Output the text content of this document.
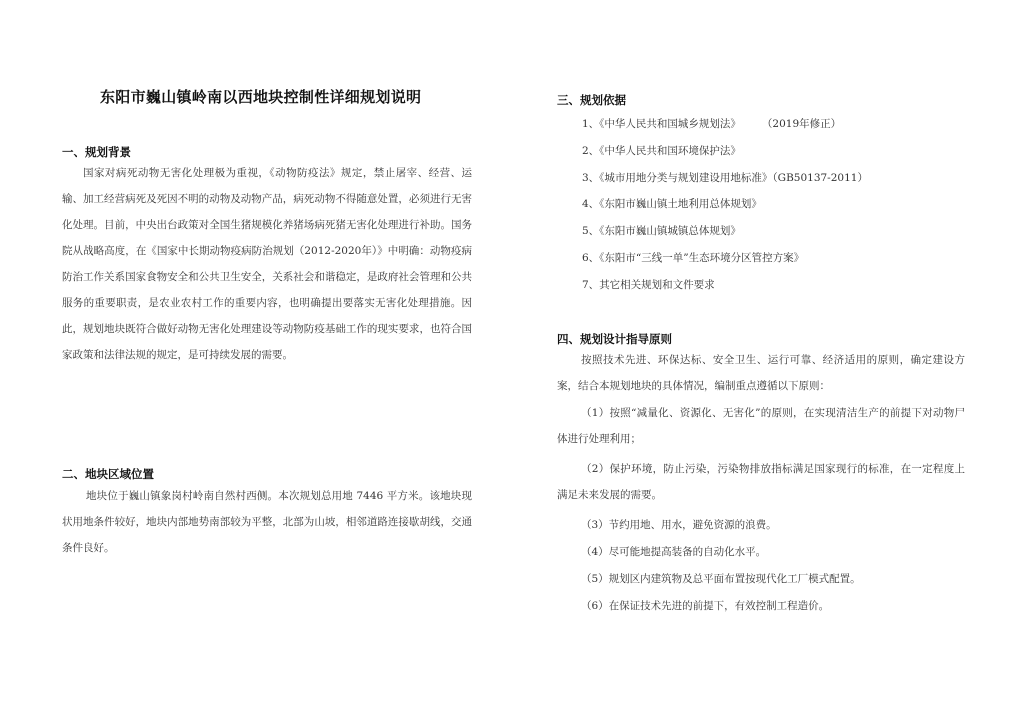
东阳市巍山镇岭南以西地块控制性详细规划说明
一、规划背景
国家对病死动物无害化处理极为重视，《动物防疫法》规定，禁止屠宰、经营、运输、加工经营病死及死因不明的动物及动物产品，病死动物不得随意处置，必须进行无害化处理。目前，中央出台政策对全国生猪规模化养猪场病死猪无害化处理进行补助。国务院从战略高度，在《国家中长期动物疫病防治规划（2012-2020年）》中明确：动物疫病防治工作关系国家食物安全和公共卫生安全，关系社会和谐稳定，是政府社会管理和公共服务的重要职责，是农业农村工作的重要内容，也明确提出要落实无害化处理措施。因此，规划地块既符合做好动物无害化处理建设等动物防疫基础工作的现实要求，也符合国家政策和法律法规的规定，是可持续发展的需要。
二、地块区域位置
地块位于巍山镇象岗村岭南自然村西侧。本次规划总用地 7446 平方米。该地块现状用地条件较好，地块内部地势南部较为平整，北部为山坡，相邻道路连接歇胡线，交通条件良好。
三、规划依据
1、《中华人民共和国城乡规划法》　　　（2019年修正）
2、《中华人民共和国环境保护法》
3、《城市用地分类与规划建设用地标准》（GB50137-2011）
4、《东阳市巍山镇土地利用总体规划》
5、《东阳市巍山镇城镇总体规划》
6、《东阳市“三线一单”生态环境分区管控方案》
7、其它相关规划和文件要求
四、规划设计指导原则
按照技术先进、环保达标、安全卫生、运行可靠、经济适用的原则，确定建设方案，结合本规划地块的具体情况，编制重点遵循以下原则：
（1）按照“减量化、资源化、无害化”的原则，在实现清洁生产的前提下对动物尸体进行处理利用；
（2）保护环境，防止污染，污染物排放指标满足国家现行的标准，在一定程度上满足未来发展的需要。
（3）节约用地、用水，避免资源的浪费。
（4）尽可能地提高装备的自动化水平。
（5）规划区内建筑物及总平面布置按现代化工厂模式配置。
（6）在保证技术先进的前提下，有效控制工程造价。
